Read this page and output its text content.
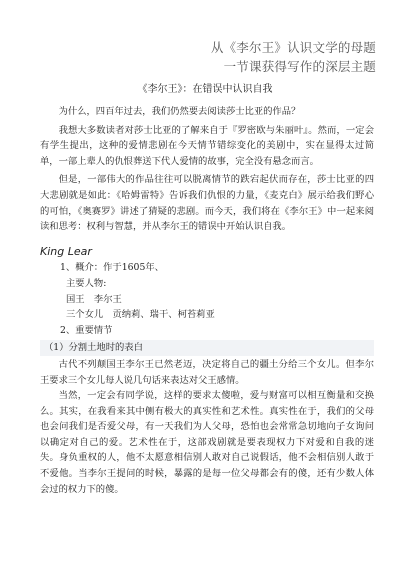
从《李尔王》认识文学的母题
一节课获得写作的深层主题
《李尔王》：在错误中认识自我

为什么，四百年过去，我们仍然要去阅读莎士比亚的作品？

我想大多数读者对莎士比亚的了解来自于『罗密欧与朱丽叶』。然而，一定会有学生提出，这种的爱情悲剧在今天情节错综变化的美剧中，实在显得太过简单，一部上辈人的仇恨葬送下代人爱情的故事，完全没有悬念而言。

但是，一部伟大的作品往往可以脱离情节的跌宕起伏而存在，莎士比亚的四大悲剧就是如此：《哈姆雷特》告诉我们仇恨的力量，《麦克白》展示给我们野心的可怕，《奥赛罗》讲述了猜疑的悲剧。而今天，我们将在《李尔王》中一起来阅读和思考：权利与智慧，并从李尔王的错误中开始认识自我。

King Lear

1、概介：作于1605年、

主要人物:

国王　李尔王

三个女儿　贡纳莉、瑞干、柯苔莉亚

2、重要情节

（1）分割土地时的表白

古代不列颠国王李尔王已然老迈，决定将自己的疆土分给三个女儿。但李尔王要求三个女儿每人说几句话来表达对父王感情。

当然，一定会有同学说，这样的要求太傻啦，爱与财富可以相互衡量和交换么。其实，在我看来其中侧有极大的真实性和艺术性。真实性在于，我们的父母也会问我们是否爱父母，有一天我们为人父母，恐怕也会常常急切地向子女询问以确定对自己的爱。艺术性在于，这部戏剧就是要表现权力下对爱和自我的迷失。身负重权的人，他不太愿意相信别人敢对自己说假话，他不会相信别人敢于不爱他。当李尔王提问的时候，暴露的是每一位父母都会有的傻，还有少数人体会过的权力下的傻。
